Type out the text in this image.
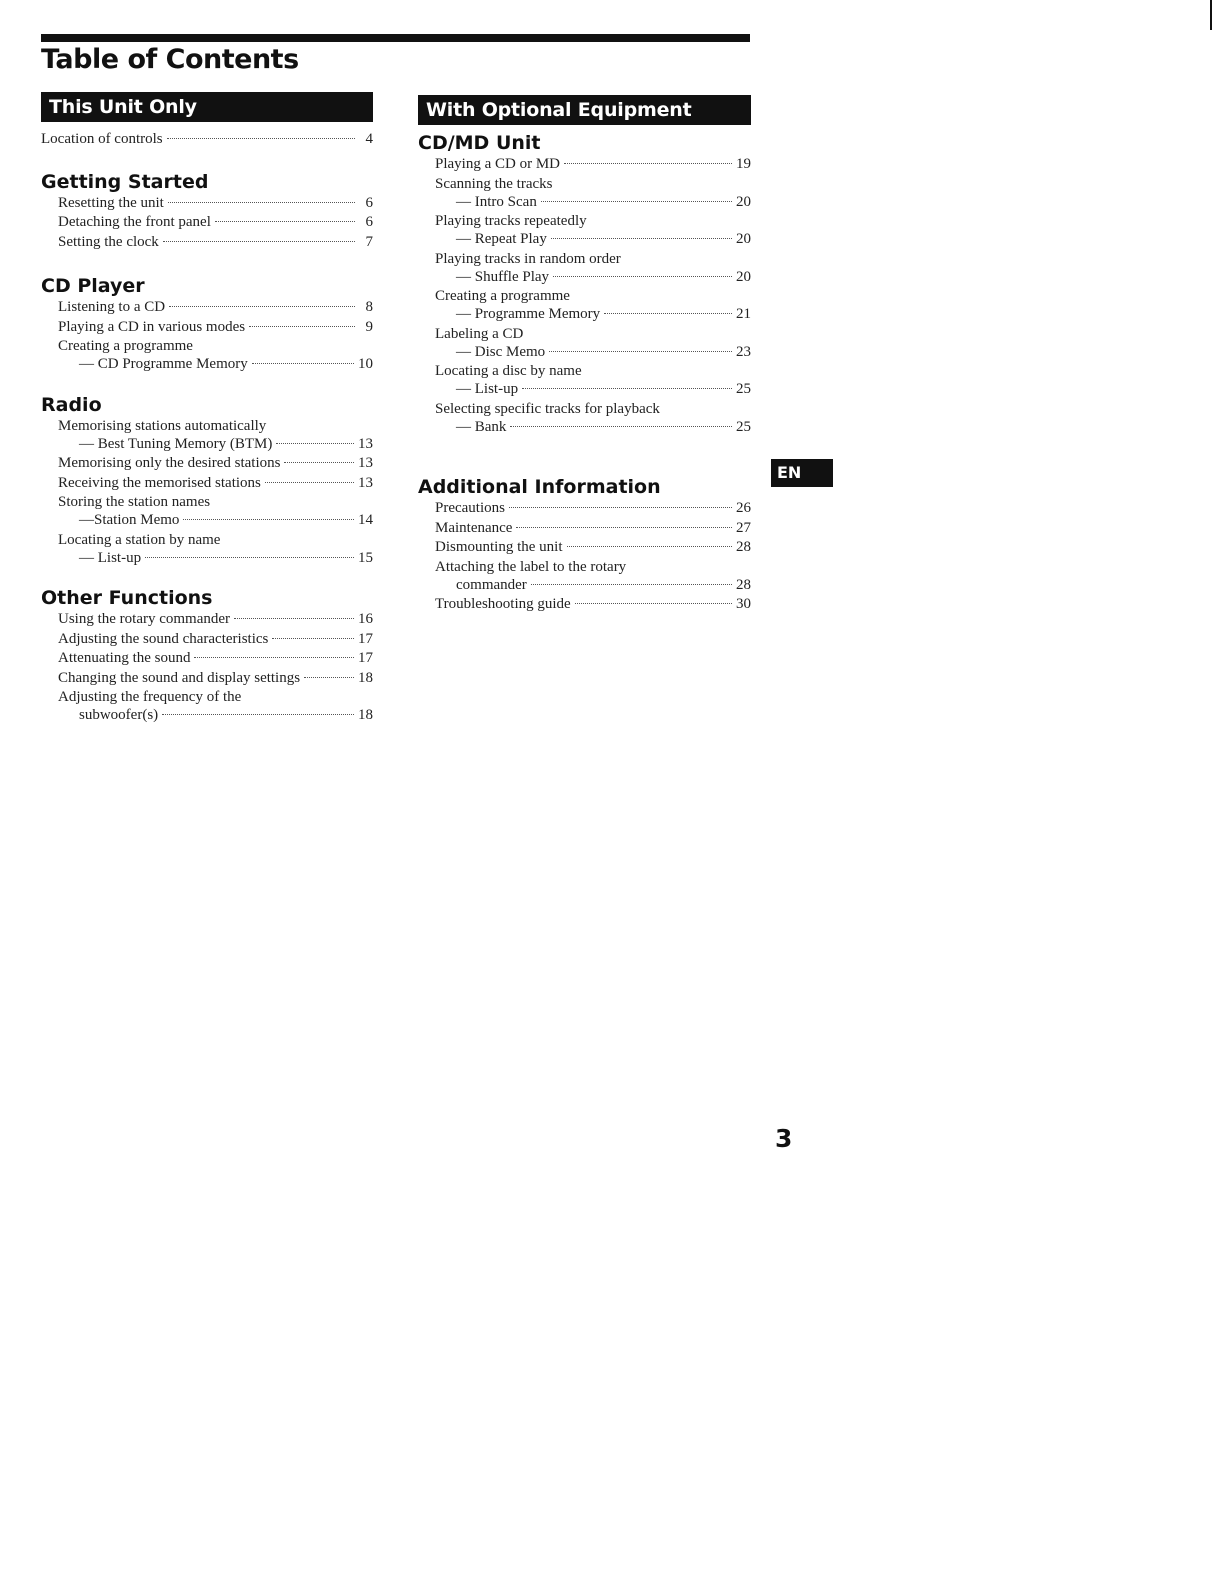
Table of Contents
This Unit Only
Location of controls	4
Getting Started
Resetting the unit	6
Detaching the front panel	6
Setting the clock	7
CD Player
Listening to a CD	8
Playing a CD in various modes	9
Creating a programme
— CD Programme Memory	10
Radio
Memorising stations automatically
— Best Tuning Memory (BTM)	13
Memorising only the desired stations	13
Receiving the memorised stations	13
Storing the station names
—Station Memo	14
Locating a station by name
— List-up	15
Other Functions
Using the rotary commander	16
Adjusting the sound characteristics	17
Attenuating the sound	17
Changing the sound and display settings	18
Adjusting the frequency of the
subwoofer(s)	18
With Optional Equipment
CD/MD Unit
Playing a CD or MD	19
Scanning the tracks
— Intro Scan	20
Playing tracks repeatedly
— Repeat Play	20
Playing tracks in random order
— Shuffle Play	20
Creating a programme
— Programme Memory	21
Labeling a CD
— Disc Memo	23
Locating a disc by name
— List-up	25
Selecting specific tracks for playback
— Bank	25
Additional Information
Precautions	26
Maintenance	27
Dismounting the unit	28
Attaching the label to the rotary
commander	28
Troubleshooting guide	30
EN
3
